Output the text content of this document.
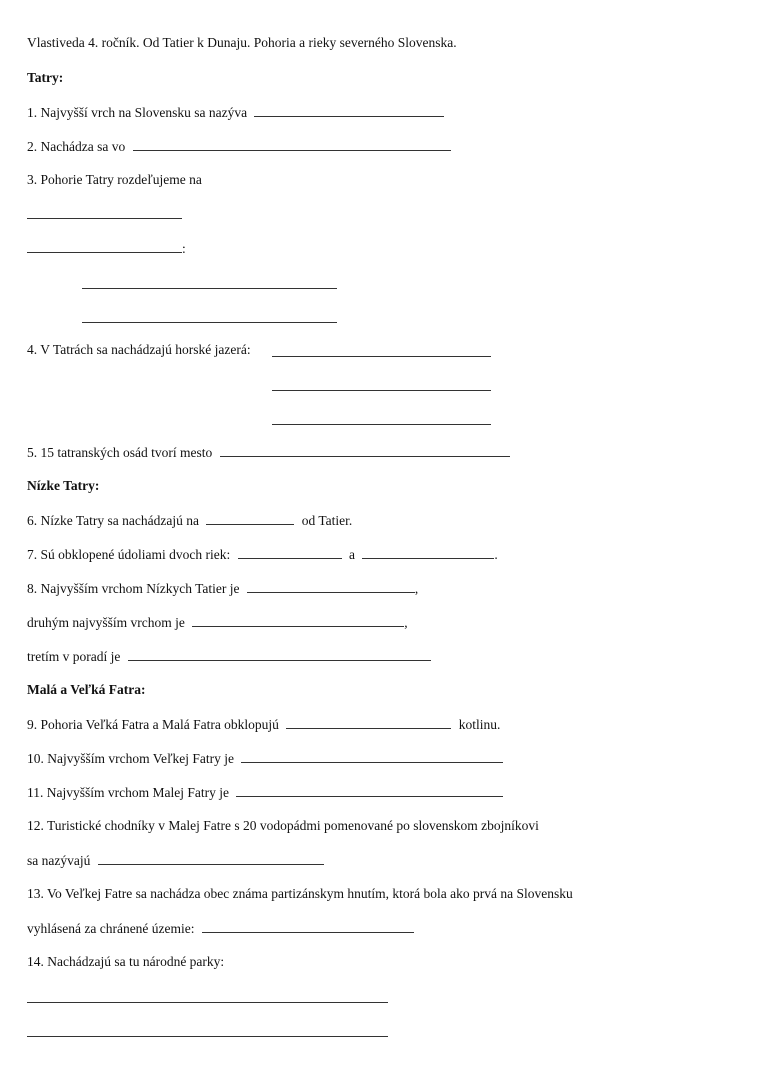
Vlastiveda 4. ročník. Od Tatier k Dunaju. Pohoria a rieky severného Slovenska.
Tatry:
1. Najvyšší vrch na Slovensku sa nazýva
2. Nachádza sa vo
3. Pohorie Tatry rozdeľujeme na
:
4. V Tatrách sa nachádzajú horské jazerá:
5. 15 tatranských osád tvorí mesto
Nízke Tatry:
6. Nízke Tatry sa nachádzajú na	od Tatier.
7. Sú obklopené údoliami dvoch riek:	a	.
8. Najvyšším vrchom Nízkych Tatier je	,
druhým najvyšším vrchom je	,
tretím v poradí je
Malá a Veľká Fatra:
9. Pohoria Veľká Fatra a Malá Fatra obklopujú	kotlinu.
10. Najvyšším vrchom Veľkej Fatry je
11. Najvyšším vrchom Malej Fatry je
12. Turistické chodníky v Malej Fatre s 20 vodopádmi pomenované po slovenskom zbojníkovi
sa nazývajú
13. Vo Veľkej Fatre sa nachádza obec známa partizánskym hnutím, ktorá bola ako prvá na Slovensku
vyhlásená za chránené územie:
14. Nachádzajú sa tu národné parky:
